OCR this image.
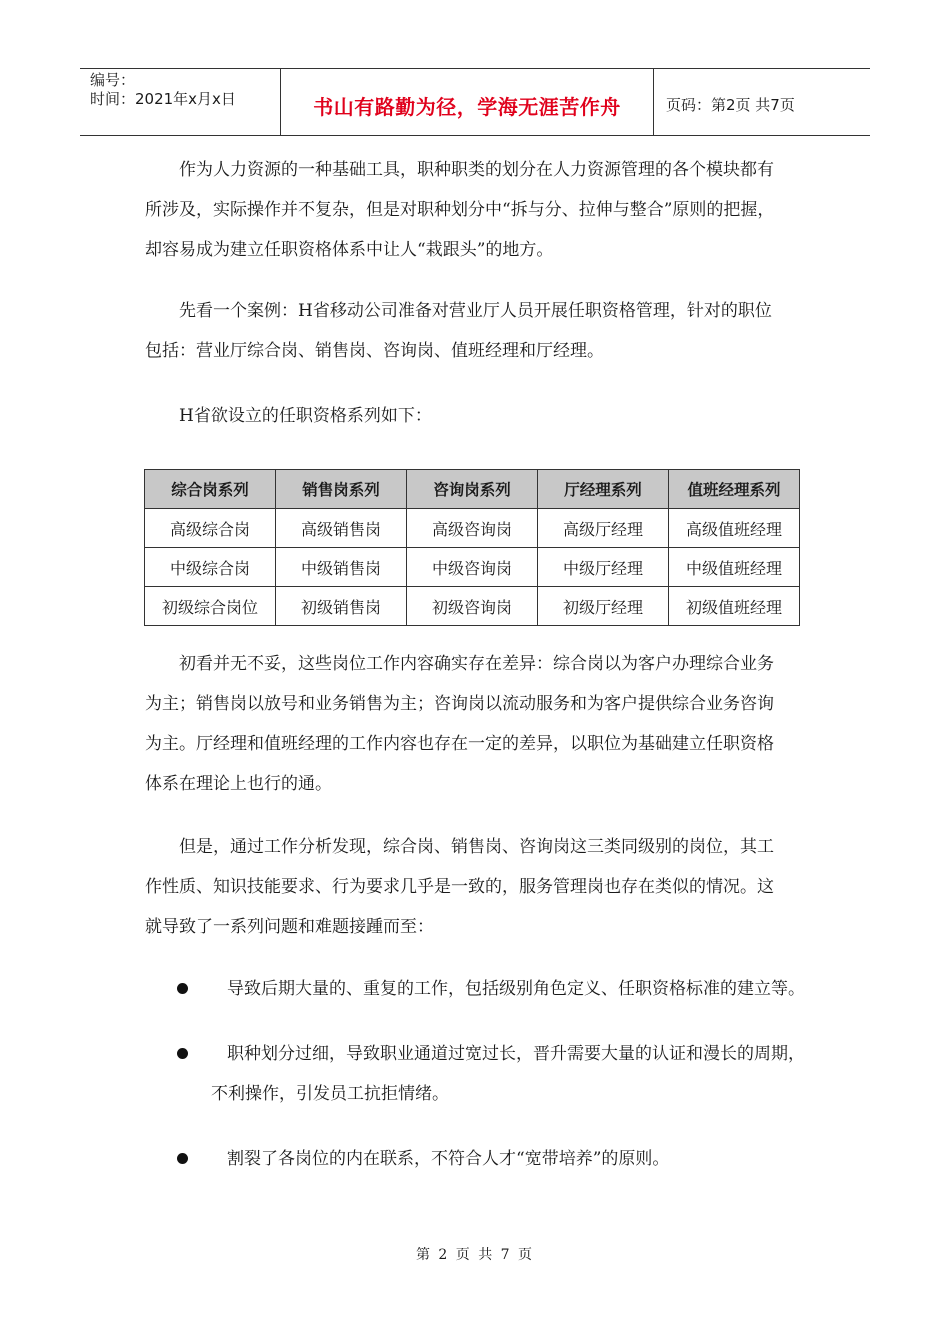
编号：
时间：2021年x月x日	书山有路勤为径，学海无涯苦作舟	页码：第2页 共7页

作为人力资源的一种基础工具，职种职类的划分在人力资源管理的各个模块都有
所涉及，实际操作并不复杂，但是对职种划分中“拆与分、拉伸与整合”原则的把握，
却容易成为建立任职资格体系中让人“栽跟头”的地方。

先看一个案例：H省移动公司准备对营业厅人员开展任职资格管理，针对的职位
包括：营业厅综合岗、销售岗、咨询岗、值班经理和厅经理。

H省欲设立的任职资格系列如下：

综合岗系列	销售岗系列	咨询岗系列	厅经理系列	值班经理系列
高级综合岗	高级销售岗	高级咨询岗	高级厅经理	高级值班经理
中级综合岗	中级销售岗	中级咨询岗	中级厅经理	中级值班经理
初级综合岗位	初级销售岗	初级咨询岗	初级厅经理	初级值班经理

初看并无不妥，这些岗位工作内容确实存在差异：综合岗以为客户办理综合业务
为主；销售岗以放号和业务销售为主；咨询岗以流动服务和为客户提供综合业务咨询
为主。厅经理和值班经理的工作内容也存在一定的差异，以职位为基础建立任职资格
体系在理论上也行的通。

但是，通过工作分析发现，综合岗、销售岗、咨询岗这三类同级别的岗位，其工
作性质、知识技能要求、行为要求几乎是一致的，服务管理岗也存在类似的情况。这
就导致了一系列问题和难题接踵而至：

导致后期大量的、重复的工作，包括级别角色定义、任职资格标准的建立等。
职种划分过细，导致职业通道过宽过长，晋升需要大量的认证和漫长的周期，
不利操作，引发员工抗拒情绪。
割裂了各岗位的内在联系，不符合人才“宽带培养”的原则。
第 2 页 共 7 页
